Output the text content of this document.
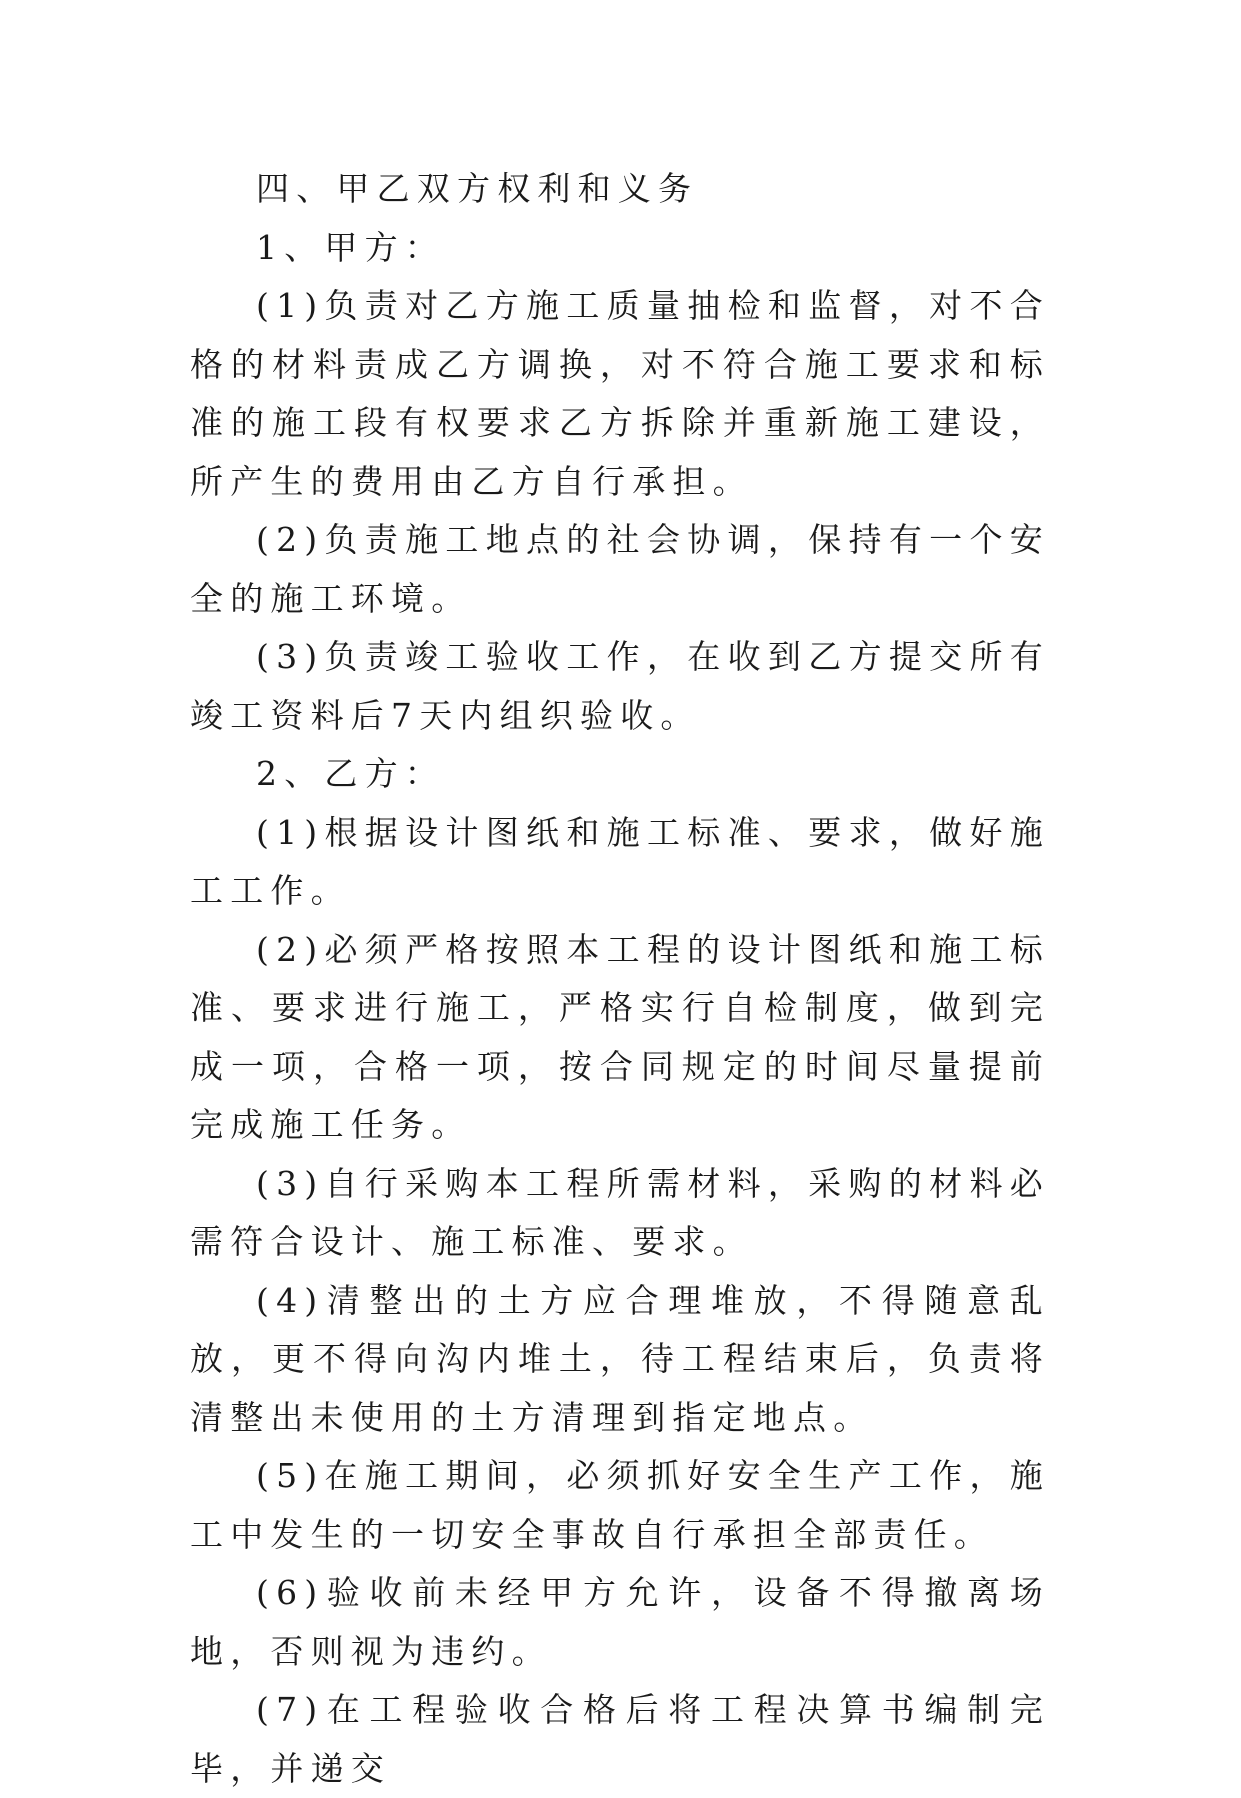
四、甲乙双方权利和义务

1、甲方：

(1)负责对乙方施工质量抽检和监督，对不合格的材料责成乙方调换，对不符合施工要求和标准的施工段有权要求乙方拆除并重新施工建设，所产生的费用由乙方自行承担。

(2)负责施工地点的社会协调，保持有一个安全的施工环境。

(3)负责竣工验收工作，在收到乙方提交所有竣工资料后7天内组织验收。

2、乙方：

(1)根据设计图纸和施工标准、要求，做好施工工作。

(2)必须严格按照本工程的设计图纸和施工标准、要求进行施工，严格实行自检制度，做到完成一项，合格一项，按合同规定的时间尽量提前完成施工任务。

(3)自行采购本工程所需材料，采购的材料必需符合设计、施工标准、要求。

(4)清整出的土方应合理堆放，不得随意乱放，更不得向沟内堆土，待工程结束后，负责将清整出未使用的土方清理到指定地点。

(5)在施工期间，必须抓好安全生产工作，施工中发生的一切安全事故自行承担全部责任。

(6)验收前未经甲方允许，设备不得撤离场地，否则视为违约。

(7)在工程验收合格后将工程决算书编制完毕，并递交
